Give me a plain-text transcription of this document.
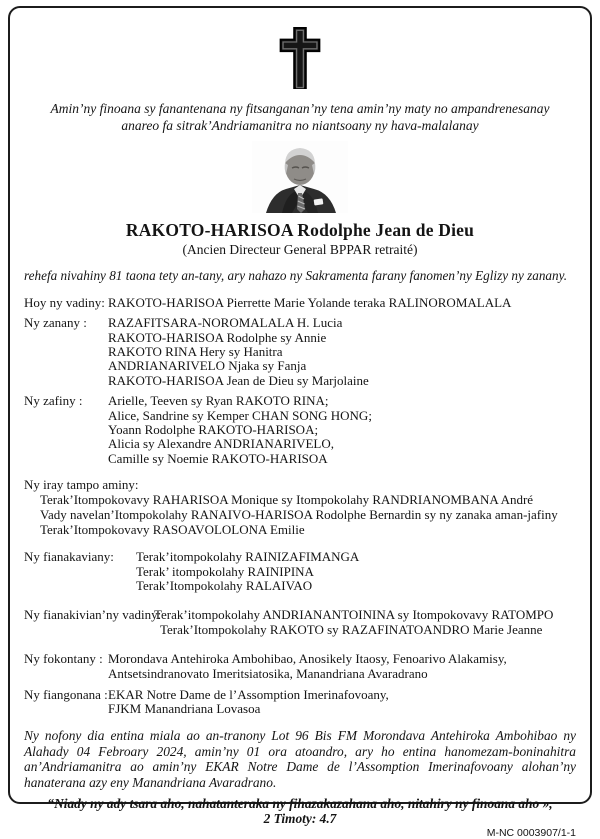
Amin’ny finoana sy fanantenana ny fitsanganan’ny tena amin’ny maty no ampandrenesanay anareo fa sitrak’Andriamanitra no niantsoany ny hava-malalanay

RAKOTO-HARISOA Rodolphe Jean de Dieu
(Ancien Directeur General BPPAR retraité)

rehefa nivahiny 81 taona tety an-tany, ary nahazo ny Sakramenta farany fanomen’ny Eglizy ny zanany.

Hoy ny vadiny: RAKOTO-HARISOA Pierrette Marie Yolande teraka RALINOROMALALA
Ny zanany :	RAZAFITSARA-NOROMALALA H. Lucia
RAKOTO-HARISOA Rodolphe sy Annie
RAKOTO RINA Hery sy Hanitra
ANDRIANARIVELO Njaka sy Fanja
RAKOTO-HARISOA Jean de Dieu sy Marjolaine
Ny zafiny :	Arielle, Teeven sy Ryan RAKOTO RINA;
Alice, Sandrine sy Kemper CHAN SONG HONG;
Yoann Rodolphe RAKOTO-HARISOA;
Alicia sy Alexandre ANDRIANARIVELO,
Camille sy Noemie RAKOTO-HARISOA
Ny iray tampo aminy:
Terak’Itompokovavy RAHARISOA Monique sy Itompokolahy RANDRIANOMBANA André
Vady navelan’Itompokolahy RANAIVO-HARISOA Rodolphe Bernardin sy ny zanaka aman-jafiny
Terak’Itompokovavy RASOAVOLOLONA Emilie
Ny fianakaviany:	Terak’itompokolahy RAINIZAFIMANGA
Terak’ itompokolahy RAINIPINA
Terak’Itompokolahy RALAIVAO
Ny fianakivian’ny vadiny:
Terak’itompokolahy ANDRIANANTOININA sy Itompokovavy RATOMPO
Terak’Itompokolahy RAKOTO sy RAZAFINATOANDRO Marie Jeanne
Ny fokontany : Morondava Antehiroka Ambohibao, Anosikely Itaosy, Fenoarivo Alakamisy,
Antsetsindranovato Imeritsiatosika, Manandriana Avaradrano
Ny fiangonana : EKAR Notre Dame de l’Assomption Imerinafovoany,
FJKM Manandriana Lovasoa

Ny nofony dia entina miala ao an-tranony Lot 96 Bis FM Morondava Antehiroka Ambohibao ny Alahady 04 Febroary 2024, amin’ny 01 ora atoandro, ary ho entina hanomezam-boninahitra an’Andriamanitra ao amin’ny EKAR Notre Dame de l’Assomption Imerinafovoany alohan’ny hanaterana azy eny Manandriana Avaradrano.

“Niady ny ady tsara aho, nahatanteraka ny fihazakazahana aho, nitahiry ny finoana aho »,
2 Timoty: 4.7
M-NC 0003907/1-1
